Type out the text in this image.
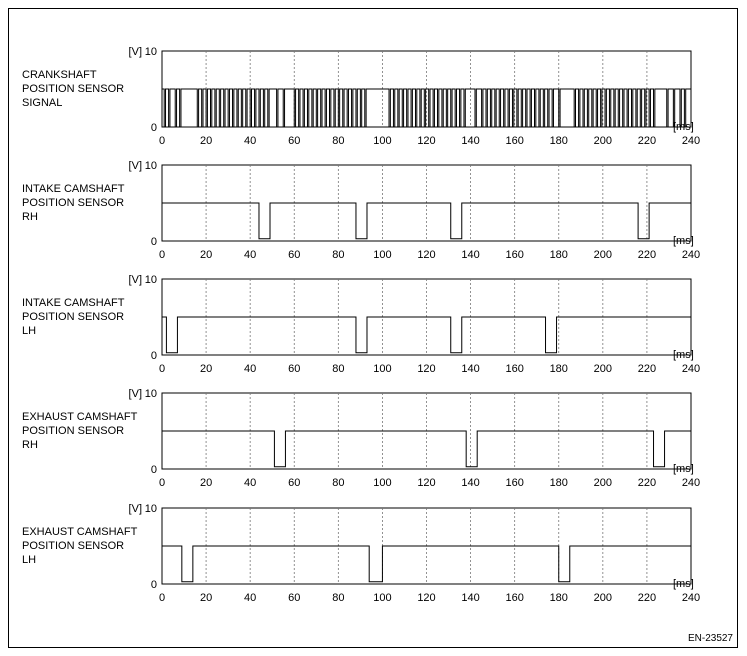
CRANKSHAFT
POSITION SENSOR
SIGNAL
[V]
0
10
0	20	40	60	80	100 120 140 160 180 200 220 240
[ms]
INTAKE CAMSHAFT
POSITION SENSOR
RH
[V]
0
10
0	20	40	60	80	100 120 140 160 180 200 220 240
[ms]
INTAKE CAMSHAFT
POSITION SENSOR
LH
[V]
0
10
0	20	40	60	80	100 120 140 160 180 200 220 240
[ms]
EXHAUST CAMSHAFT
POSITION SENSOR
RH
[V]
0
10
0	20	40	60	80	100 120 140 160 180 200 220 240
[ms]
EXHAUST CAMSHAFT
POSITION SENSOR
LH
[V]
0
10
0	20	40	60	80	100 120 140 160 180 200 220 240
[ms]
EN-23527
